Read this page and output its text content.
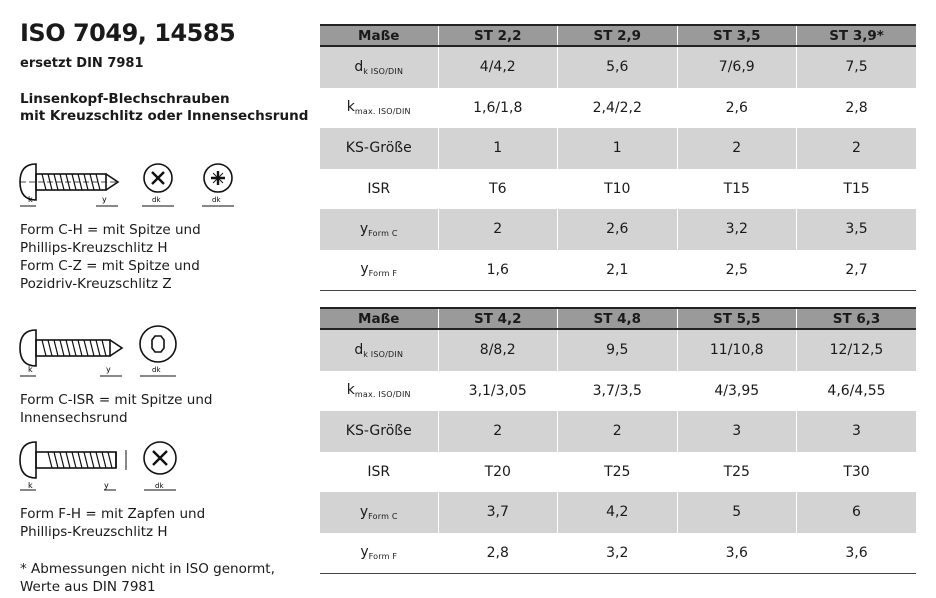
ISO 7049, 14585
ersetzt DIN 7981
Linsenkopf-Blechschrauben
mit Kreuzschlitz oder Innensechsrund
k	y	dk	dk
Form C-H = mit Spitze und
Phillips-Kreuzschlitz H
Form C-Z = mit Spitze und
Pozidriv-Kreuzschlitz Z
k	y	dk
Form C-ISR = mit Spitze und Innensechsrund
k	y	dk
Form F-H = mit Zapfen und
Phillips-Kreuzschlitz H
* Abmessungen nicht in ISO genormt,
Werte aus DIN 7981
Maße	ST 2,2	ST 2,9	ST 3,5	ST 3,9*
$d_{k ISO/DIN}$	4/4,2	5,6	7/6,9	7,5
$k_{max. ISO/DIN}$	1,6/1,8	2,4/2,2	2,6	2,8
KS-Größe	1	1	2	2
ISR	T6	T10	T15	T15
$y_{Form C}$	2	2,6	3,2	3,5
$y_{Form F}$	1,6	2,1	2,5	2,7
Maße	ST 4,2	ST 4,8	ST 5,5	ST 6,3
$d_{k ISO/DIN}$	8/8,2	9,5	11/10,8	12/12,5
$k_{max. ISO/DIN}$	3,1/3,05	3,7/3,5	4/3,95	4,6/4,55
KS-Größe	2	2	3	3
ISR	T20	T25	T25	T30
$y_{Form C}$	3,7	4,2	5	6
$y_{Form F}$	2,8	3,2	3,6	3,6
